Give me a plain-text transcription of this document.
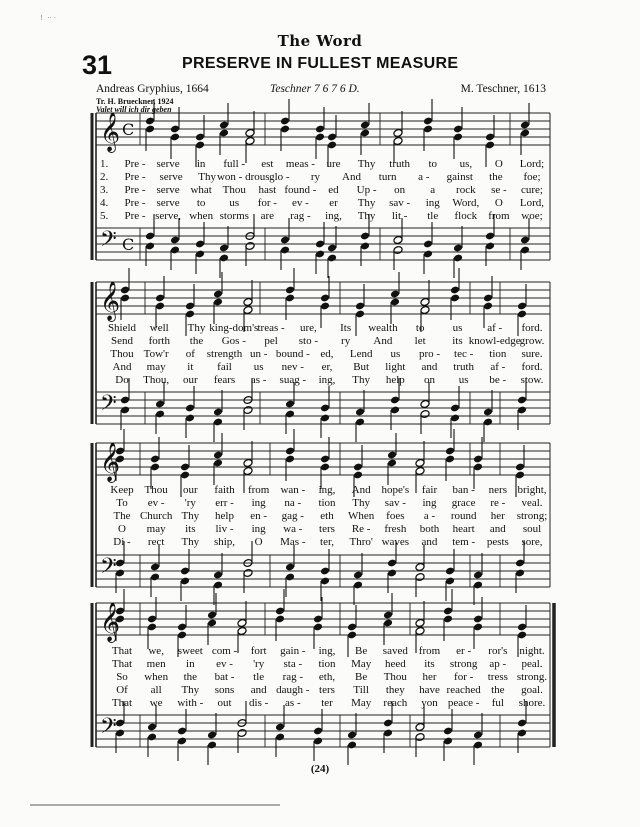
!  ·· ·
The Word
31	PRESERVE IN FULLEST MEASURE
Andreas Gryphius, 1664	Teschner 7 6 7 6 D.	M. Teschner, 1613
Tr. H. Brueckner, 1924
Valet will ich dir geben
𝄞
𝄢
C
C
𝄞
𝄢
𝄞
𝄢
𝄞
𝄢
1. Pre - serve in full - est meas - ure Thy truth to us, O Lord;
2. Pre - serve Thy won - drous glo - ry And turn a - gainst the foe;
3. Pre - serve what Thou hast found - ed Up - on a rock se - cure;
4. Pre - serve to us for - ev - er Thy sav - ing Word, O Lord,
5. Pre - serve, when storms are rag - ing, Thy lit - tle flock from woe;
Shield well Thy king-dom's treas - ure, Its wealth to	us af - ford.
Send forth the Gos - pel sto - ry And let its knowl-edge
grow.
Thou Tow'r of strength un - bound - ed, Lend us pro - tec - tion sure.
And may it fail us nev - er, But light and truth af - ford.
Do Thou, our fears as - suag - ing, Thy help on us be - stow.
Keep Thou our faith from wan - ing, And hope's fair ban - ners bright,
To ev - 'ry err - ing na - tion Thy sav - ing grace re - veal.
The Church Thy help en - gag - eth When foes a - round her strong;
O may its liv - ing wa - ters Re - fresh both heart and soul
Di - rect Thy ship, O Mas - ter, Thro' waves and tem - pests sore,
That we, sweet com - fort gain - ing, Be saved from er - ror's night.
That men in ev - 'ry sta - tion May heed its strong ap - peal.
So when the bat - tle rag - eth, Be Thou her for - tress strong.
Of all Thy sons and daugh - ters Till they have reached the goal.
That we with - out dis - as - ter May reach yon peace - ful shore.
(24)
